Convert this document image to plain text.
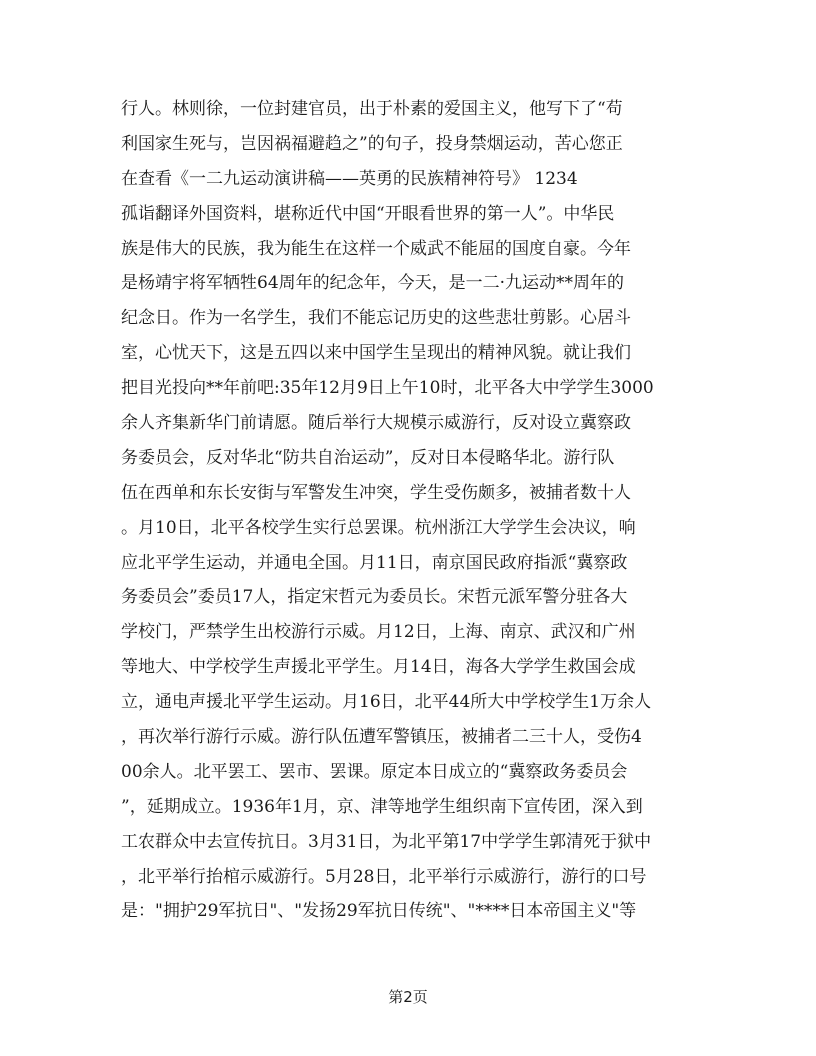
行人。林则徐，一位封建官员，出于朴素的爱国主义，他写下了“苟
利国家生死与，岂因祸福避趋之”的句子，投身禁烟运动，苦心您正
在查看《一二九运动演讲稿——英勇的民族精神符号》 1234
孤诣翻译外国资料，堪称近代中国“开眼看世界的第一人”。中华民
族是伟大的民族，我为能生在这样一个威武不能屈的国度自豪。今年
是杨靖宇将军牺牲64周年的纪念年，今天，是一二·九运动**周年的
纪念日。作为一名学生，我们不能忘记历史的这些悲壮剪影。心居斗
室，心忧天下，这是五四以来中国学生呈现出的精神风貌。就让我们
把目光投向**年前吧:35年12月9日上午10时，北平各大中学学生3000
余人齐集新华门前请愿。随后举行大规模示威游行，反对设立冀察政
务委员会，反对华北“防共自治运动”，反对日本侵略华北。游行队
伍在西单和东长安街与军警发生冲突，学生受伤颇多，被捕者数十人
。月10日，北平各校学生实行总罢课。杭州浙江大学学生会决议，响
应北平学生运动，并通电全国。月11日，南京国民政府指派“冀察政
务委员会”委员17人，指定宋哲元为委员长。宋哲元派军警分驻各大
学校门，严禁学生出校游行示威。月12日，上海、南京、武汉和广州
等地大、中学校学生声援北平学生。月14日，海各大学学生救国会成
立，通电声援北平学生运动。月16日，北平44所大中学校学生1万余人
，再次举行游行示威。游行队伍遭军警镇压，被捕者二三十人，受伤4
00余人。北平罢工、罢市、罢课。原定本日成立的“冀察政务委员会
”，延期成立。1936年1月，京、津等地学生组织南下宣传团，深入到
工农群众中去宣传抗日。3月31日，为北平第17中学学生郭清死于狱中
，北平举行抬棺示威游行。5月28日，北平举行示威游行，游行的口号
是："拥护29军抗日"、"发扬29军抗日传统"、"****日本帝国主义"等
第2页
